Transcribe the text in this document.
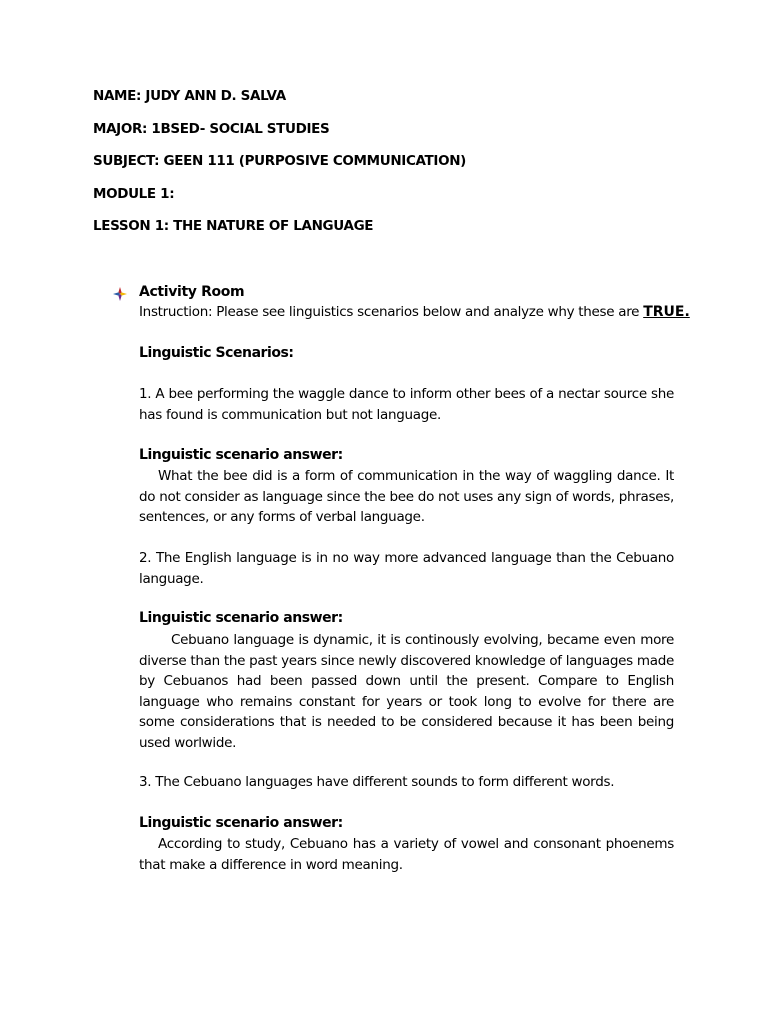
NAME: JUDY ANN D. SALVA

MAJOR: 1BSED- SOCIAL STUDIES

SUBJECT: GEEN 111 (PURPOSIVE COMMUNICATION)

MODULE 1:

LESSON 1: THE NATURE OF LANGUAGE

Activity Room

Instruction: Please see linguistics scenarios below and analyze why these are TRUE.

Linguistic Scenarios:

1. A bee performing the waggle dance to inform other bees of a nectar source she has found is communication but not language.

Linguistic scenario answer:

What the bee did is a form of communication in the way of waggling dance. It do not consider as language since the bee do not uses any sign of words, phrases, sentences, or any forms of verbal language.

2. The English language is in no way more advanced language than the Cebuano language.

Linguistic scenario answer:

Cebuano language is dynamic, it is continously evolving, became even more diverse than the past years since newly discovered knowledge of languages made by Cebuanos had been passed down until the present. Compare to English language who remains constant for years or took long to evolve for there are some considerations that is needed to be considered because it has been being used worlwide.

3. The Cebuano languages have different sounds to form different words.

Linguistic scenario answer:

According to study, Cebuano has a variety of vowel and consonant phoenems that make a difference in word meaning.
